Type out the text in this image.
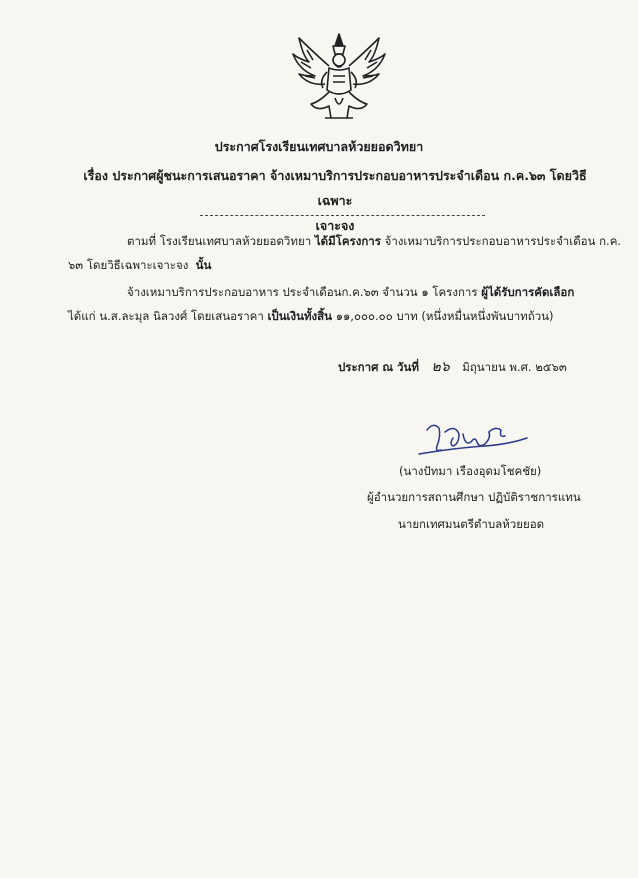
ประกาศโรงเรียนเทศบาลห้วยยอดวิทยา
เรื่อง ประกาศผู้ชนะการเสนอราคา จ้างเหมาบริการประกอบอาหารประจำเดือน ก.ค.๖๓ โดยวิธีเฉพาะ
เจาะจง
ตามที่ โรงเรียนเทศบาลห้วยยอดวิทยา ได้มีโครงการ จ้างเหมาบริการประกอบอาหารประจำเดือน ก.ค.
๖๓ โดยวิธีเฉพาะเจาะจง นั้น
จ้างเหมาบริการประกอบอาหาร ประจำเดือนก.ค.๖๓ จำนวน ๑ โครงการ ผู้ได้รับการคัดเลือก
ได้แก่ น.ส.ละมุล นิลวงศ์ โดยเสนอราคา เป็นเงินทั้งสิ้น ๑๑,๐๐๐.๐๐ บาท (หนึ่งหมื่นหนึ่งพันบาทถ้วน)
ประกาศ ณ วันที่ ๒๖ มิถุนายน พ.ศ. ๒๕๖๓
(นางปัทมา เรืองอุดมโชคชัย)
ผู้อำนวยการสถานศึกษา ปฏิบัติราชการแทน
นายกเทศมนตรีตำบลห้วยยอด
